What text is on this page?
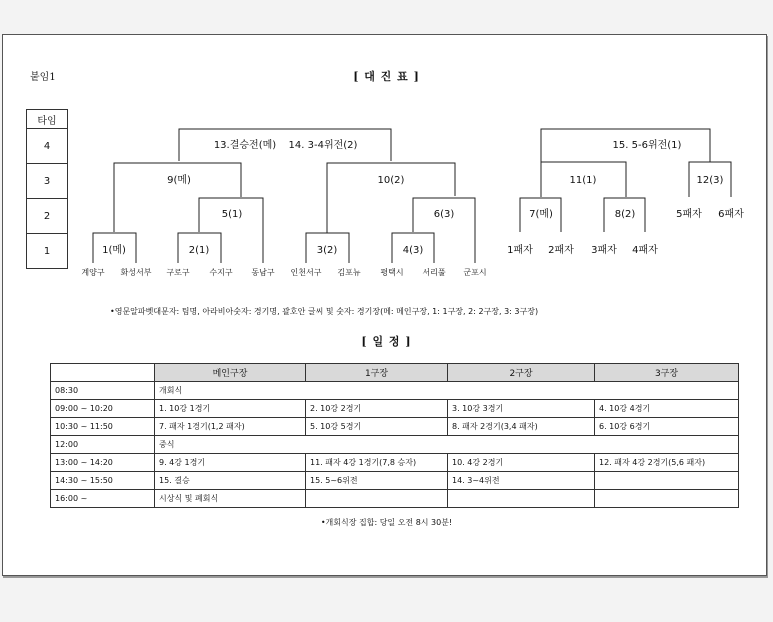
붙임1	[ 대 진 표 ]
타임
4
3
2
1
13.결승전(메) 14. 3-4위전(2)	15. 5-6위전(1)
9(메)	10(2)	11(1)	12(3)
5(1)	6(3)	7(메)	8(2)	5패자 6패자
1(메)	2(1)	3(2)	4(3)	1패자 2패자 3패자 4패자
계양구 화성서부 구로구 수지구 동남구 인천서구 김포뉴 평택시 서리풀 군포시
•영문알파벳대문자: 팀명, 아라비아숫자: 경기명, 괄호안 글씨 및 숫자: 경기장(메: 메인구장, 1: 1구장, 2: 2구장, 3: 3구장)
[ 일 정 ]
	메인구장	1구장	2구장	3구장
08:30	개회식			
09:00 ~ 10:20	1. 10강 1경기	2. 10강 2경기	3. 10강 3경기	4. 10강 4경기
10:30 ~ 11:50	7. 패자 1경기(1,2 패자)	5. 10강 5경기	8. 패자 2경기(3,4 패자)	6. 10강 6경기
12:00	중식			
13:00 ~ 14:20	9. 4강 1경기	11. 패자 4강 1경기(7,8 승자)	10. 4강 2경기	12. 패자 4강 2경기(5,6 패자)
14:30 ~ 15:50	15. 결승	15. 5~6위전	14. 3~4위전	
16:00 ~	시상식 및 폐회식			
•개회식장 집합: 당일 오전 8시 30분!
